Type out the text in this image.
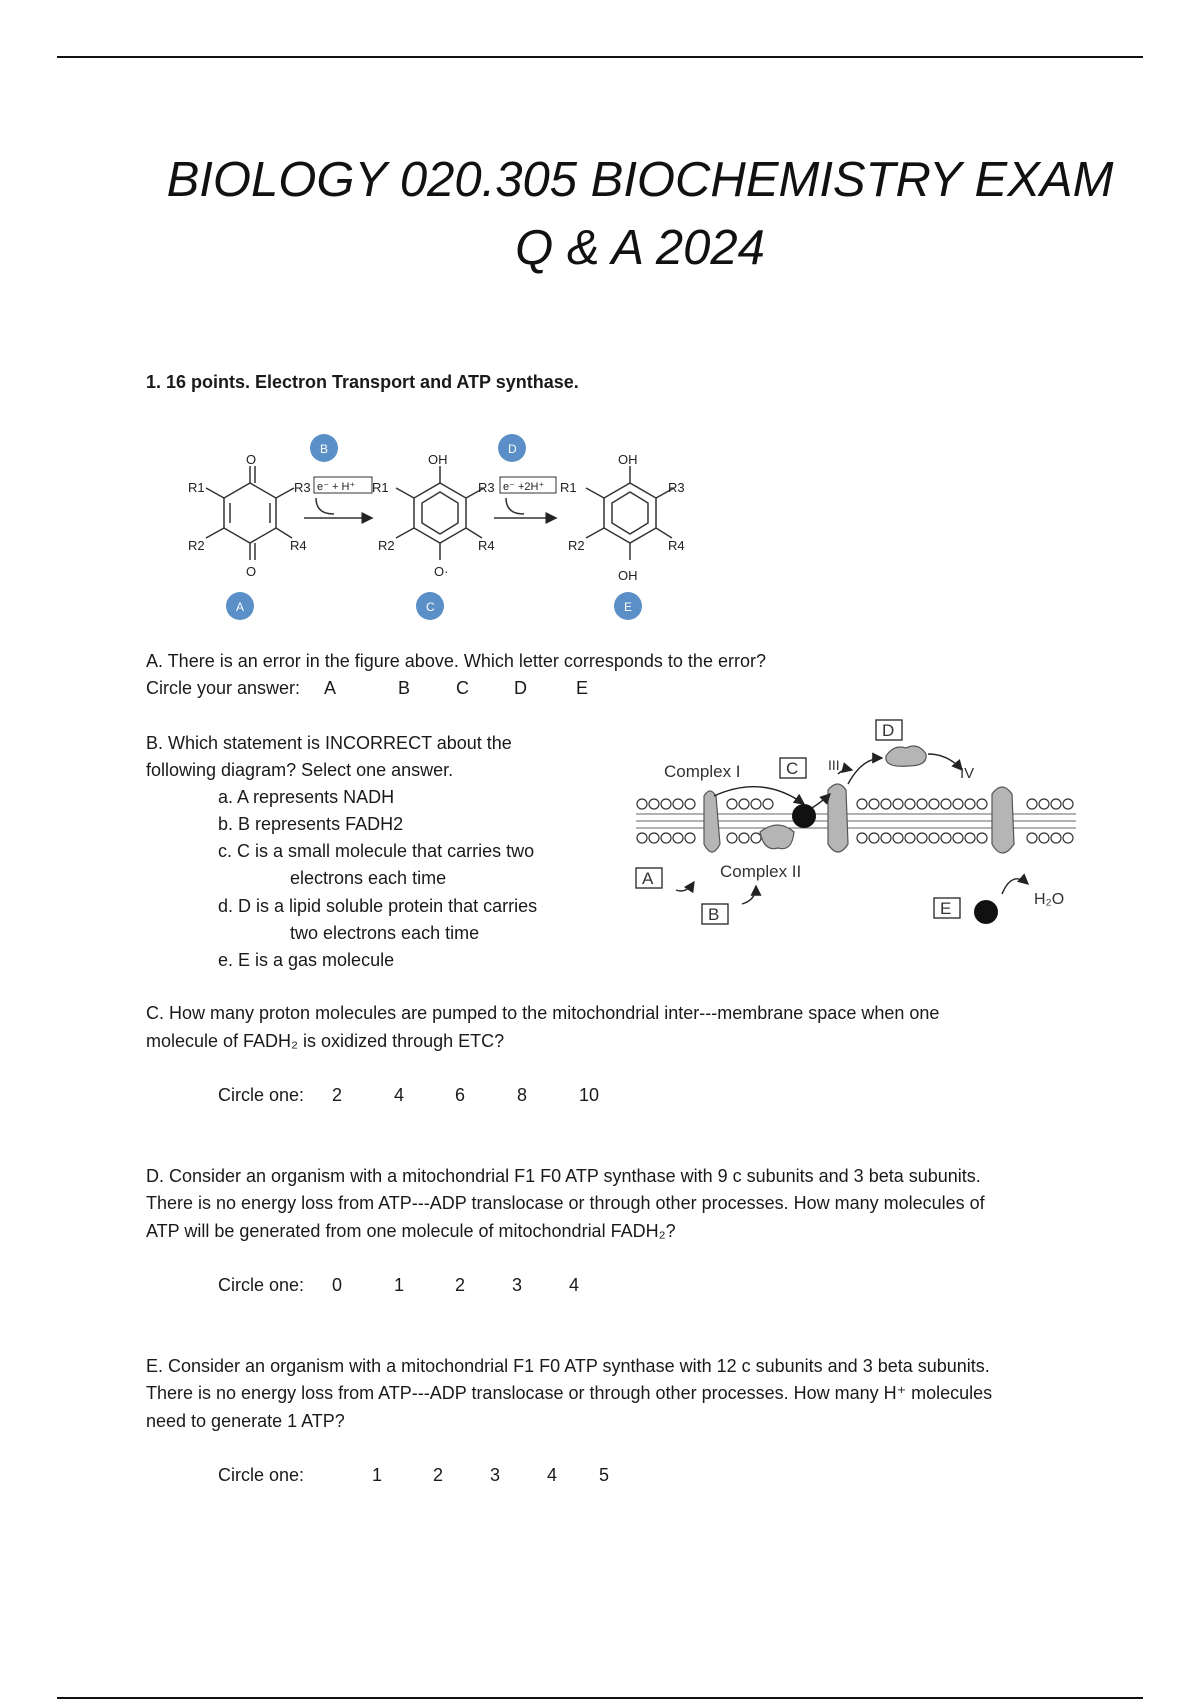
BIOLOGY 020.305 BIOCHEMISTRY EXAM
Q & A 2024
1. 16 points. Electron Transport and ATP synthase.
O
O
R1
R2
R3
R4
e⁻ + H⁺ R1
OH
O·
R2	R4
R3 e⁻ +2H⁺ R1
OH
OH
R2	R4
R3
B	D
A	C	E
A. There is an error in the figure above. Which letter corresponds to the error?
Circle your answer:	A	B	C	D	E
B. Which statement is INCORRECT about the
following diagram? Select one answer.
a. A represents NADH
b. B represents FADH2
c. C is a small molecule that carries two
electrons each time
d. D is a lipid soluble protein that carries
two electrons each time
e. E is a gas molecule
Complex I
Complex II
III	IV
C
D
A
B	E	H₂O
C. How many proton molecules are pumped to the mitochondrial inter---membrane space when one
molecule of FADH₂ is oxidized through ETC?
Circle one:	2	4	6	8	10
D. Consider an organism with a mitochondrial F1 F0 ATP synthase with 9 c subunits and 3 beta subunits.
There is no energy loss from ATP---ADP translocase or through other processes. How many molecules of
ATP will be generated from one molecule of mitochondrial FADH₂?
Circle one:	0	1	2	3	4
E. Consider an organism with a mitochondrial F1 F0 ATP synthase with 12 c subunits and 3 beta subunits.
There is no energy loss from ATP---ADP translocase or through other processes. How many H⁺ molecules
need to generate 1 ATP?
Circle one:	1	2	3	4	5
